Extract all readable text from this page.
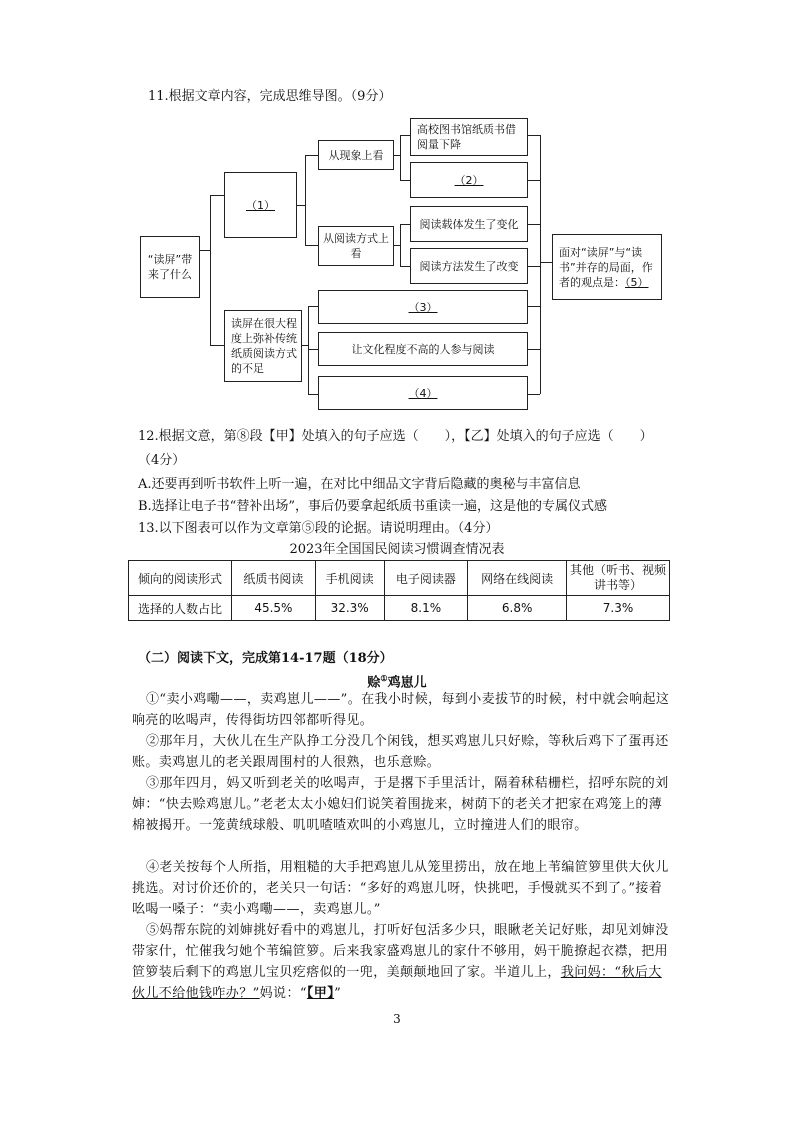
11.根据文章内容，完成思维导图。（9分）
“读屏”带来了什么
（1）
从现象上看
从阅读方式上看
高校图书馆纸质书借阅量下降
（2）
阅读载体发生了变化
阅读方法发生了改变
读屏在很大程度上弥补传统纸质阅读方式的不足
（3）
让文化程度不高的人参与阅读
（4）
面对“读屏”与“读书”并存的局面，作者的观点是：（5）
12.根据文意，第⑧段【甲】处填入的句子应选（　　），【乙】处填入的句子应选（　　）
（4分）
A.还要再到听书软件上听一遍，在对比中细品文字背后隐藏的奥秘与丰富信息
B.选择让电子书“替补出场”，事后仍要拿起纸质书重读一遍，这是他的专属仪式感
13.以下图表可以作为文章第⑤段的论据。请说明理由。（4分）
2023年全国国民阅读习惯调查情况表
倾向的阅读形式	纸质书阅读	手机阅读	电子阅读器	网络在线阅读	其他（听书、视频讲书等）
选择的人数占比	45.5%	32.3%	8.1%	6.8%	7.3%
（二）阅读下文，完成第14-17题（18分）
赊①鸡崽儿
①“卖小鸡嘞——，卖鸡崽儿——”。在我小时候，每到小麦拔节的时候，村中就会响起这响亮的吆喝声，传得街坊四邻都听得见。
②那年月，大伙儿在生产队挣工分没几个闲钱，想买鸡崽儿只好赊，等秋后鸡下了蛋再还账。卖鸡崽儿的老关跟周围村的人很熟，也乐意赊。
③那年四月，妈又听到老关的吆喝声，于是撂下手里活计，隔着秫秸栅栏，招呼东院的刘婶：“快去赊鸡崽儿。”老老太太小媳妇们说笑着围拢来，树荫下的老关才把家在鸡笼上的薄棉被揭开。一笼黄绒球般、叽叽喳喳欢叫的小鸡崽儿，立时撞进人们的眼帘。
④老关按每个人所指，用粗糙的大手把鸡崽儿从笼里捞出，放在地上苇编笸箩里供大伙儿挑选。对讨价还价的，老关只一句话：“多好的鸡崽儿呀，快挑吧，手慢就买不到了。”接着吆喝一嗓子：“卖小鸡嘞——，卖鸡崽儿。”
⑤妈帮东院的刘婶挑好看中的鸡崽儿，打听好包活多少只，眼瞅老关记好账，却见刘婶没带家什，忙催我匀她个苇编笸箩。后来我家盛鸡崽儿的家什不够用，妈干脆撩起衣襟，把用笸箩装后剩下的鸡崽儿宝贝疙瘩似的一兜，美颠颠地回了家。半道儿上，我问妈：“秋后大伙儿不给他钱咋办？”妈说：“【甲】”
3
